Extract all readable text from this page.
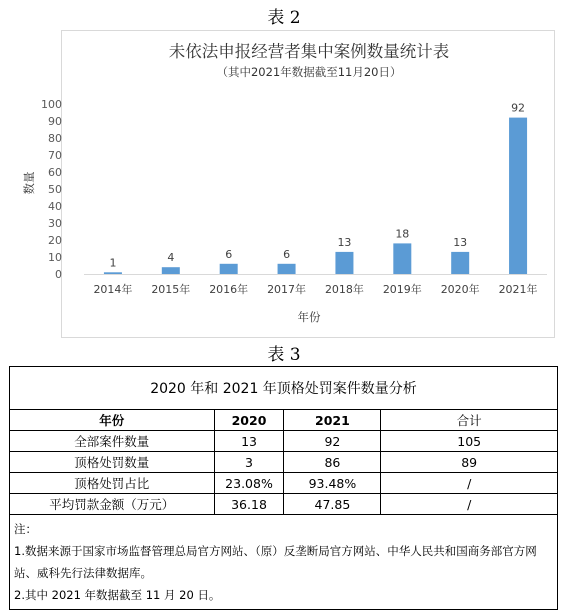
表 2
未依法申报经营者集中案例数量统计表
（其中2021年数据截至11月20日）
0
10
20
30
40
50
60
70
80
90
100
1	4	6	6
13
18
13
92
2014年 2015年 2016年 2017年 2018年 2019年 2020年 2021年
年份
数量
表 3
2020 年和 2021 年顶格处罚案件数量分析			
年份	2020	2021	合计
全部案件数量	13	92	105
顶格处罚数量	3	86	89
顶格处罚占比	23.08%	93.48%	/
平均罚款金额（万元）	36.18	47.85	/

注：
1.数据来源于国家市场监督管理总局官方网站、（原）反垄断局官方网站、中华人民共和国商务部官方网站、威科先行法律数据库。
2.其中 2021 年数据截至 11 月 20 日。			
